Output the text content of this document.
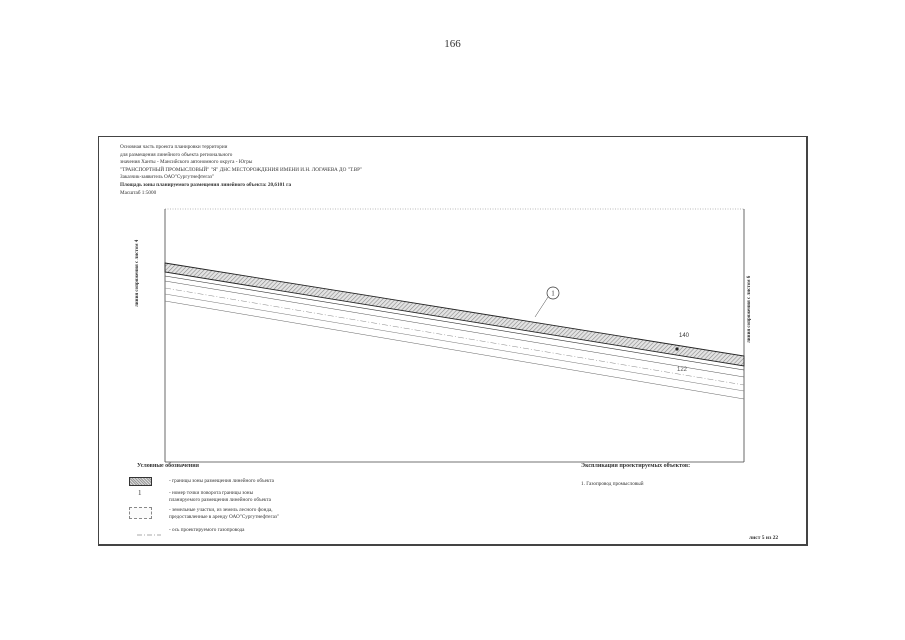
166
Основная часть проекта планировки территории
для размещения линейного объекта регионального
значения Ханты - Мансийского автономного округа - Югры
"ТРАНСПОРТНЫЙ ПРОМЫСЛОВЫЙ" "Я" ДНС МЕСТОРОЖДЕНИЯ ИМЕНИ И.Н. ЛОГАЧЕВА ДО "Т.ВР"
Заказчик-заявитель ОАО"Сургутнефтегаз"
Площадь зоны планируемого размещения линейного объекта: 20,6101 га
Масштаб 1:5000
1
140
122
линия сопряжения с листом 4
линия сопряжения с листом 6
Условные обозначения
- границы зоны размещения линейного объекта
1	- номер точки поворота границы зоны
планируемого размещения линейного объекта
- земельные участки, из земель лесного фонда,
предоставленные в аренду ОАО"Сургутнефтегаз"
- ось проектируемого газопровода
Экспликация проектируемых объектов:
1. Газопровод промысловый
лист 5 из 22
